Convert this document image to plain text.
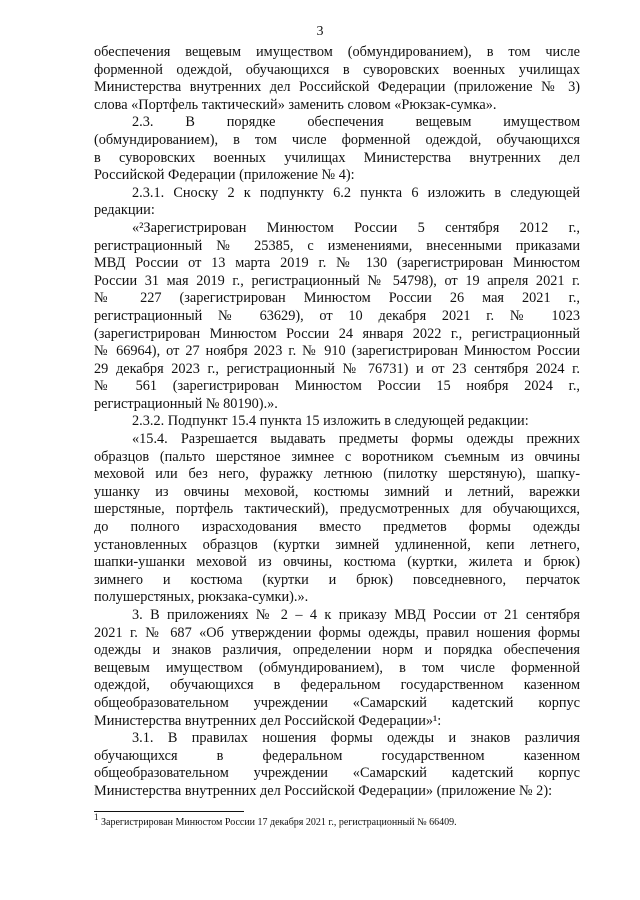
3
обеспечения вещевым имуществом (обмундированием), в том числе
форменной одеждой, обучающихся в суворовских военных училищах
Министерства внутренних дел Российской Федерации (приложение № 3)
слова «Портфель тактический» заменить словом «Рюкзак-сумка».
2.3. В порядке обеспечения вещевым имуществом
(обмундированием), в том числе форменной одеждой, обучающихся
в суворовских военных училищах Министерства внутренних дел
Российской Федерации (приложение № 4):
2.3.1. Сноску 2 к подпункту 6.2 пункта 6 изложить в следующей
редакции:
«²Зарегистрирован Минюстом России 5 сентября 2012 г.,
регистрационный № 25385, с изменениями, внесенными приказами
МВД России от 13 марта 2019 г. № 130 (зарегистрирован Минюстом
России 31 мая 2019 г., регистрационный № 54798), от 19 апреля 2021 г.
№ 227 (зарегистрирован Минюстом России 26 мая 2021 г.,
регистрационный № 63629), от 10 декабря 2021 г. № 1023
(зарегистрирован Минюстом России 24 января 2022 г., регистрационный
№ 66964), от 27 ноября 2023 г. № 910 (зарегистрирован Минюстом России
29 декабря 2023 г., регистрационный № 76731) и от 23 сентября 2024 г.
№ 561 (зарегистрирован Минюстом России 15 ноября 2024 г.,
регистрационный № 80190).».
2.3.2. Подпункт 15.4 пункта 15 изложить в следующей редакции:
«15.4. Разрешается выдавать предметы формы одежды прежних
образцов (пальто шерстяное зимнее с воротником съемным из овчины
меховой или без него, фуражку летнюю (пилотку шерстяную), шапку-
ушанку из овчины меховой, костюмы зимний и летний, варежки
шерстяные, портфель тактический), предусмотренных для обучающихся,
до полного израсходования вместо предметов формы одежды
установленных образцов (куртки зимней удлиненной, кепи летнего,
шапки-ушанки меховой из овчины, костюма (куртки, жилета и брюк)
зимнего и костюма (куртки и брюк) повседневного, перчаток
полушерстяных, рюкзака-сумки).».
3. В приложениях № 2 – 4 к приказу МВД России от 21 сентября
2021 г. № 687 «Об утверждении формы одежды, правил ношения формы
одежды и знаков различия, определении норм и порядка обеспечения
вещевым имуществом (обмундированием), в том числе форменной
одеждой, обучающихся в федеральном государственном казенном
общеобразовательном учреждении «Самарский кадетский корпус
Министерства внутренних дел Российской Федерации»¹:
3.1. В правилах ношения формы одежды и знаков различия
обучающихся в федеральном государственном казенном
общеобразовательном учреждении «Самарский кадетский корпус
Министерства внутренних дел Российской Федерации» (приложение № 2):
$^1$ Зарегистрирован Минюстом России 17 декабря 2021 г., регистрационный № 66409.
